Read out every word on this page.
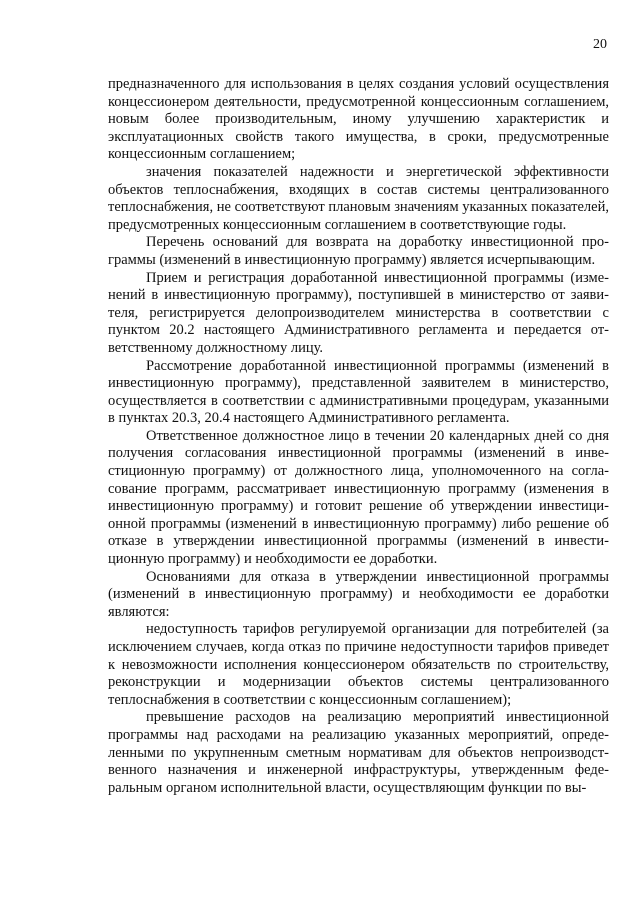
20

предназначенного для использования в целях создания условий осуществления концессионером деятельности, предусмотренной концессионным соглашением, новым более производительным, иному улучшению характеристик и эксплуатационных свойств такого имущества, в сроки, предусмотренные концессионным соглашением;

значения показателей надежности и энергетической эффективности объектов теплоснабжения, входящих в состав системы централизованного теплоснабжения, не соответствуют плановым значениям указанных показателей, предусмотренных концессионным соглашением в соответствующие годы.

Перечень оснований для возврата на доработку инвестиционной программы (изменений в инвестиционную программу) является исчерпывающим.

Прием и регистрация доработанной инвестиционной программы (изменений в инвестиционную программу), поступившей в министерство от заявителя, регистрируется делопроизводителем министерства в соответствии с пунктом 20.2 настоящего Административного регламента и передается ответственному должностному лицу.

Рассмотрение доработанной инвестиционной программы (изменений в инвестиционную программу), представленной заявителем в министерство, осуществляется в соответствии с административными процедурам, указанными в пунктах 20.3, 20.4 настоящего Административного регламента.

Ответственное должностное лицо в течении 20 календарных дней со дня получения согласования инвестиционной программы (изменений в инвестиционную программу) от должностного лица, уполномоченного на согласование программ, рассматривает инвестиционную программу (изменения в инвестиционную программу) и готовит решение об утверждении инвестиционной программы (изменений в инвестиционную программу) либо решение об отказе в утверждении инвестиционной программы (изменений в инвестиционную программу) и необходимости ее доработки.

Основаниями для отказа в утверждении инвестиционной программы (изменений в инвестиционную программу) и необходимости ее доработки являются:

недоступность тарифов регулируемой организации для потребителей (за исключением случаев, когда отказ по причине недоступности тарифов приведет к невозможности исполнения концессионером обязательств по строительству, реконструкции и модернизации объектов системы централизованного теплоснабжения в соответствии с концессионным соглашением);

превышение расходов на реализацию мероприятий инвестиционной программы над расходами на реализацию указанных мероприятий, определенными по укрупненным сметным нормативам для объектов непроизводственного назначения и инженерной инфраструктуры, утвержденным федеральным органом исполнительной власти, осуществляющим функции по вы-
